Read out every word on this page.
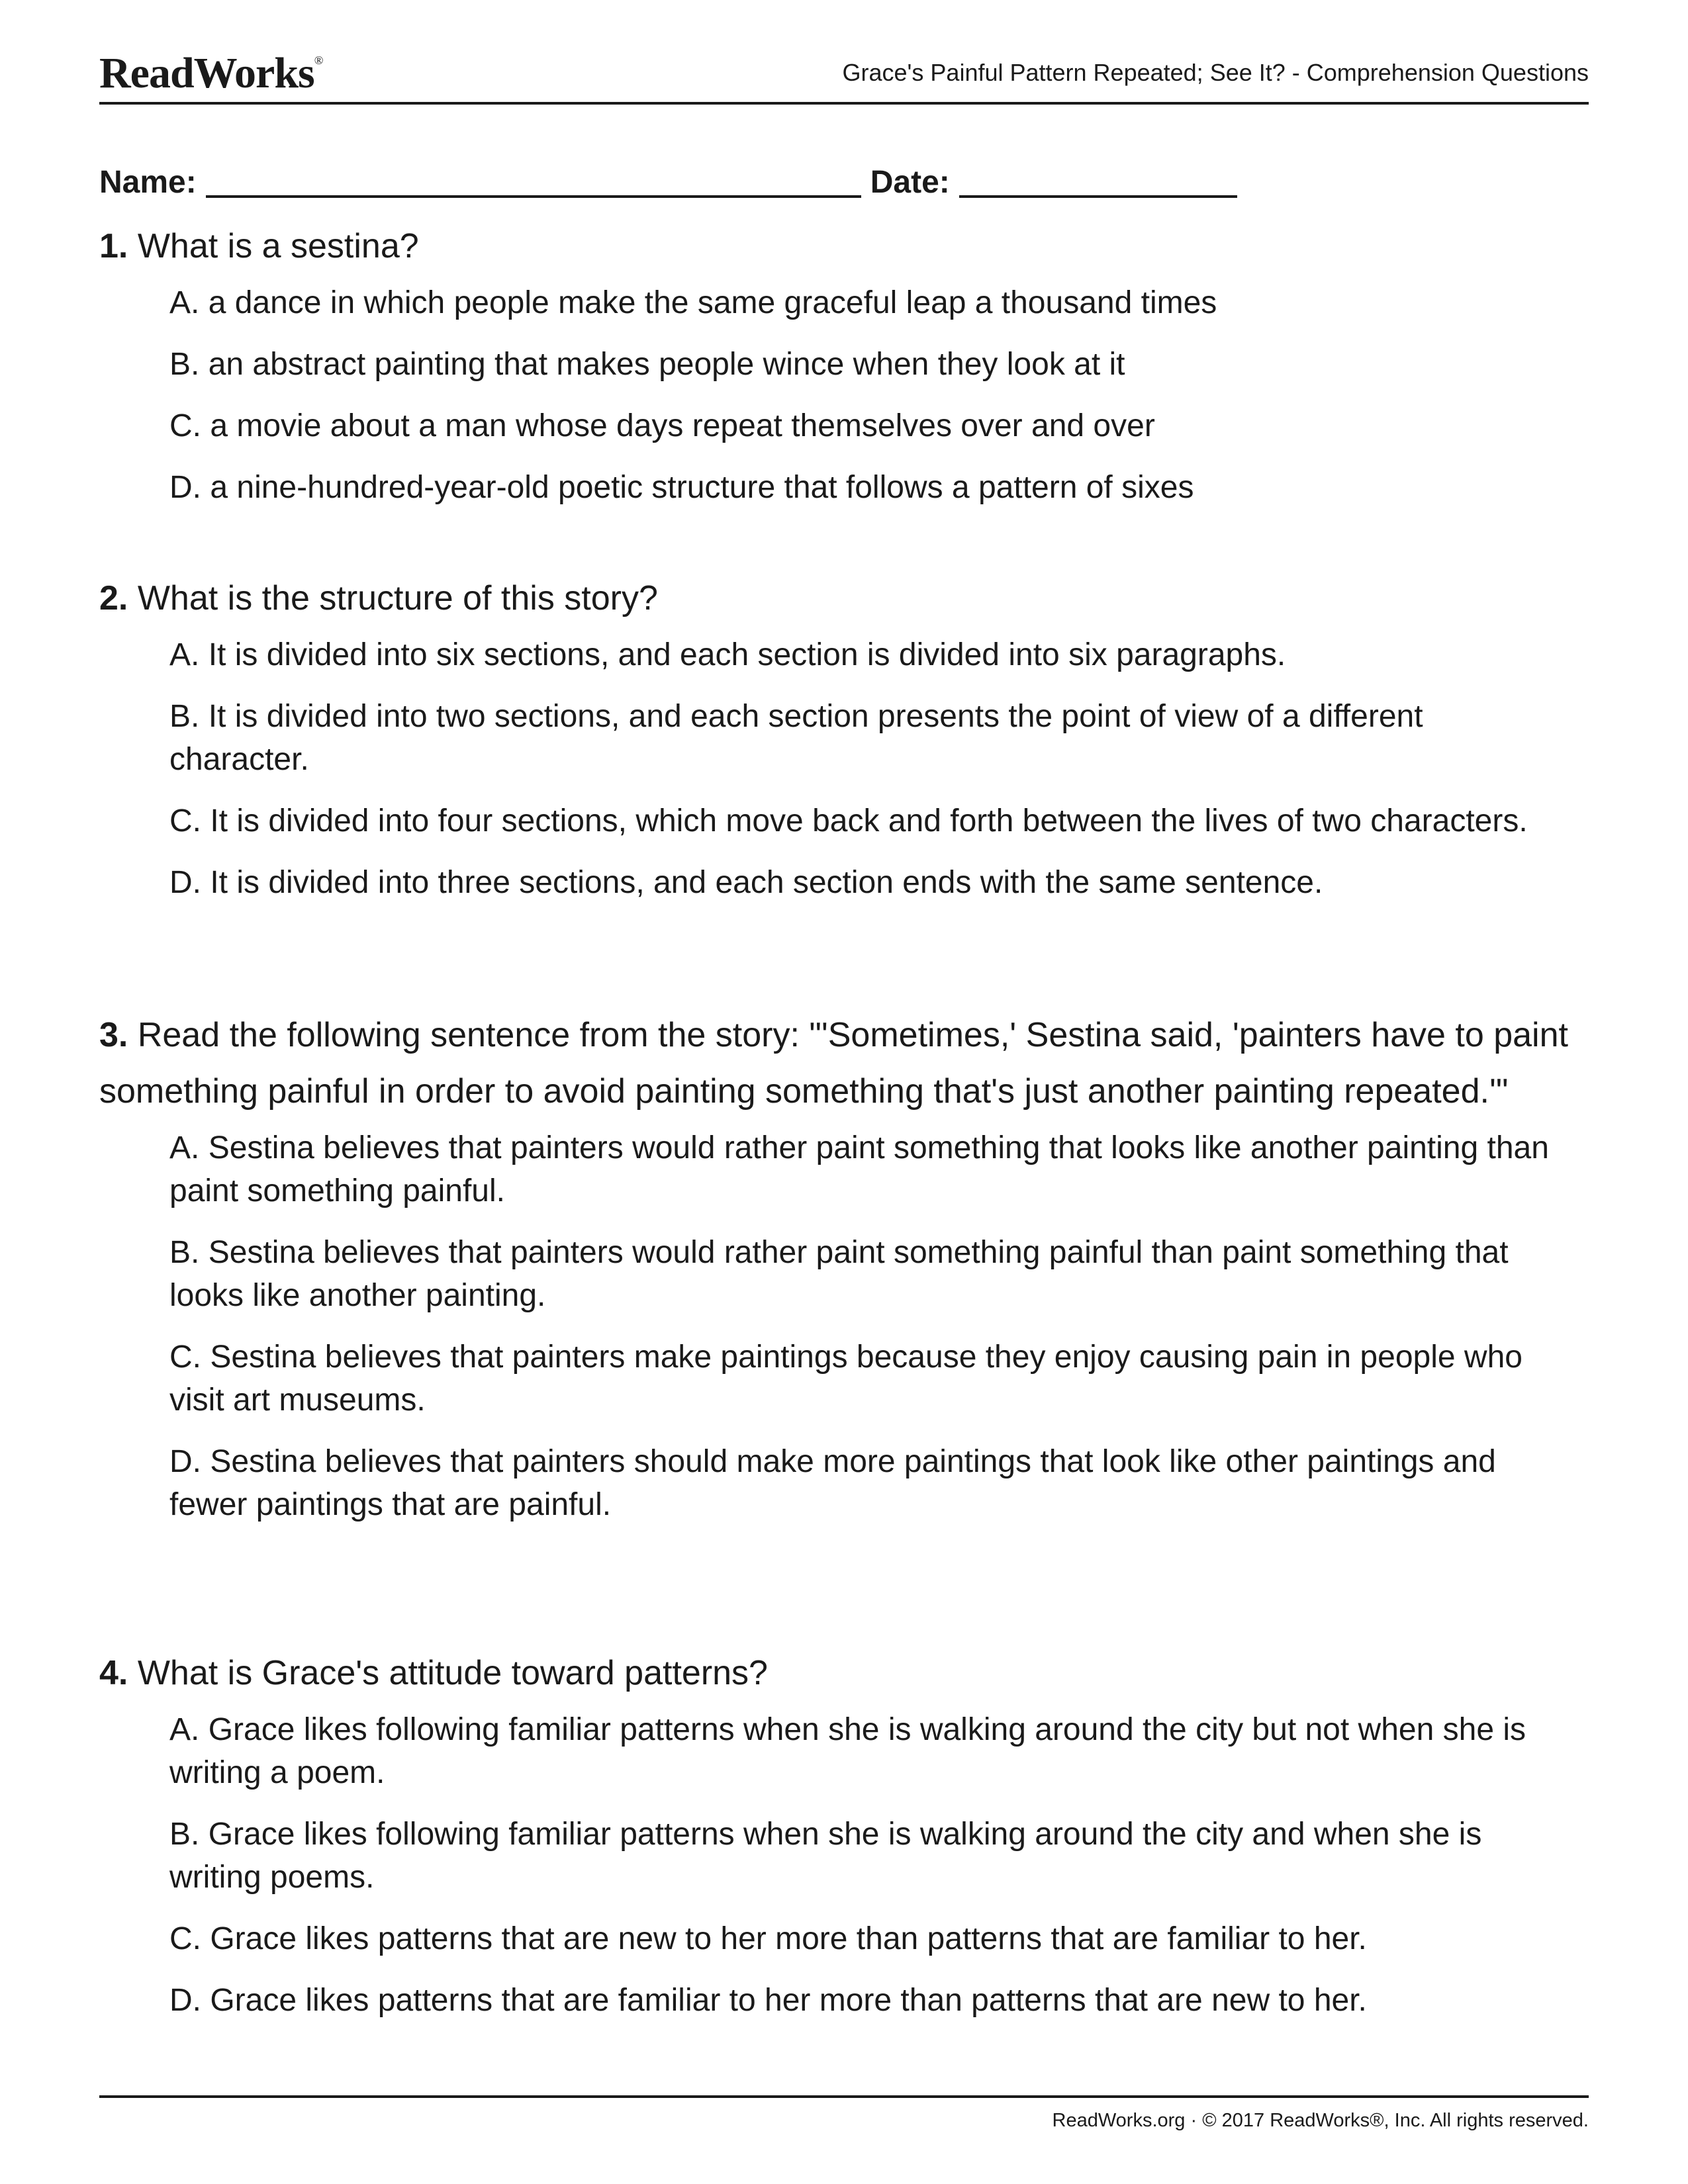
ReadWorks®	Grace's Painful Pattern Repeated; See It? - Comprehension Questions
Name:	Date:

1. What is a sestina?

A. a dance in which people make the same graceful leap a thousand times

B. an abstract painting that makes people wince when they look at it

C. a movie about a man whose days repeat themselves over and over

D. a nine-hundred-year-old poetic structure that follows a pattern of sixes

2. What is the structure of this story?

A. It is divided into six sections, and each section is divided into six paragraphs.

B. It is divided into two sections, and each section presents the point of view of a different character.

C. It is divided into four sections, which move back and forth between the lives of two characters.

D. It is divided into three sections, and each section ends with the same sentence.

3. Read the following sentence from the story: "'Sometimes,' Sestina said, 'painters have to paint something painful in order to avoid painting something that's just another painting repeated.'"

A. Sestina believes that painters would rather paint something that looks like another painting than paint something painful.

B. Sestina believes that painters would rather paint something painful than paint something that looks like another painting.

C. Sestina believes that painters make paintings because they enjoy causing pain in people who visit art museums.

D. Sestina believes that painters should make more paintings that look like other paintings and fewer paintings that are painful.

4. What is Grace's attitude toward patterns?

A. Grace likes following familiar patterns when she is walking around the city but not when she is writing a poem.

B. Grace likes following familiar patterns when she is walking around the city and when she is writing poems.

C. Grace likes patterns that are new to her more than patterns that are familiar to her.

D. Grace likes patterns that are familiar to her more than patterns that are new to her.

ReadWorks.org · © 2017 ReadWorks®, Inc. All rights reserved.
